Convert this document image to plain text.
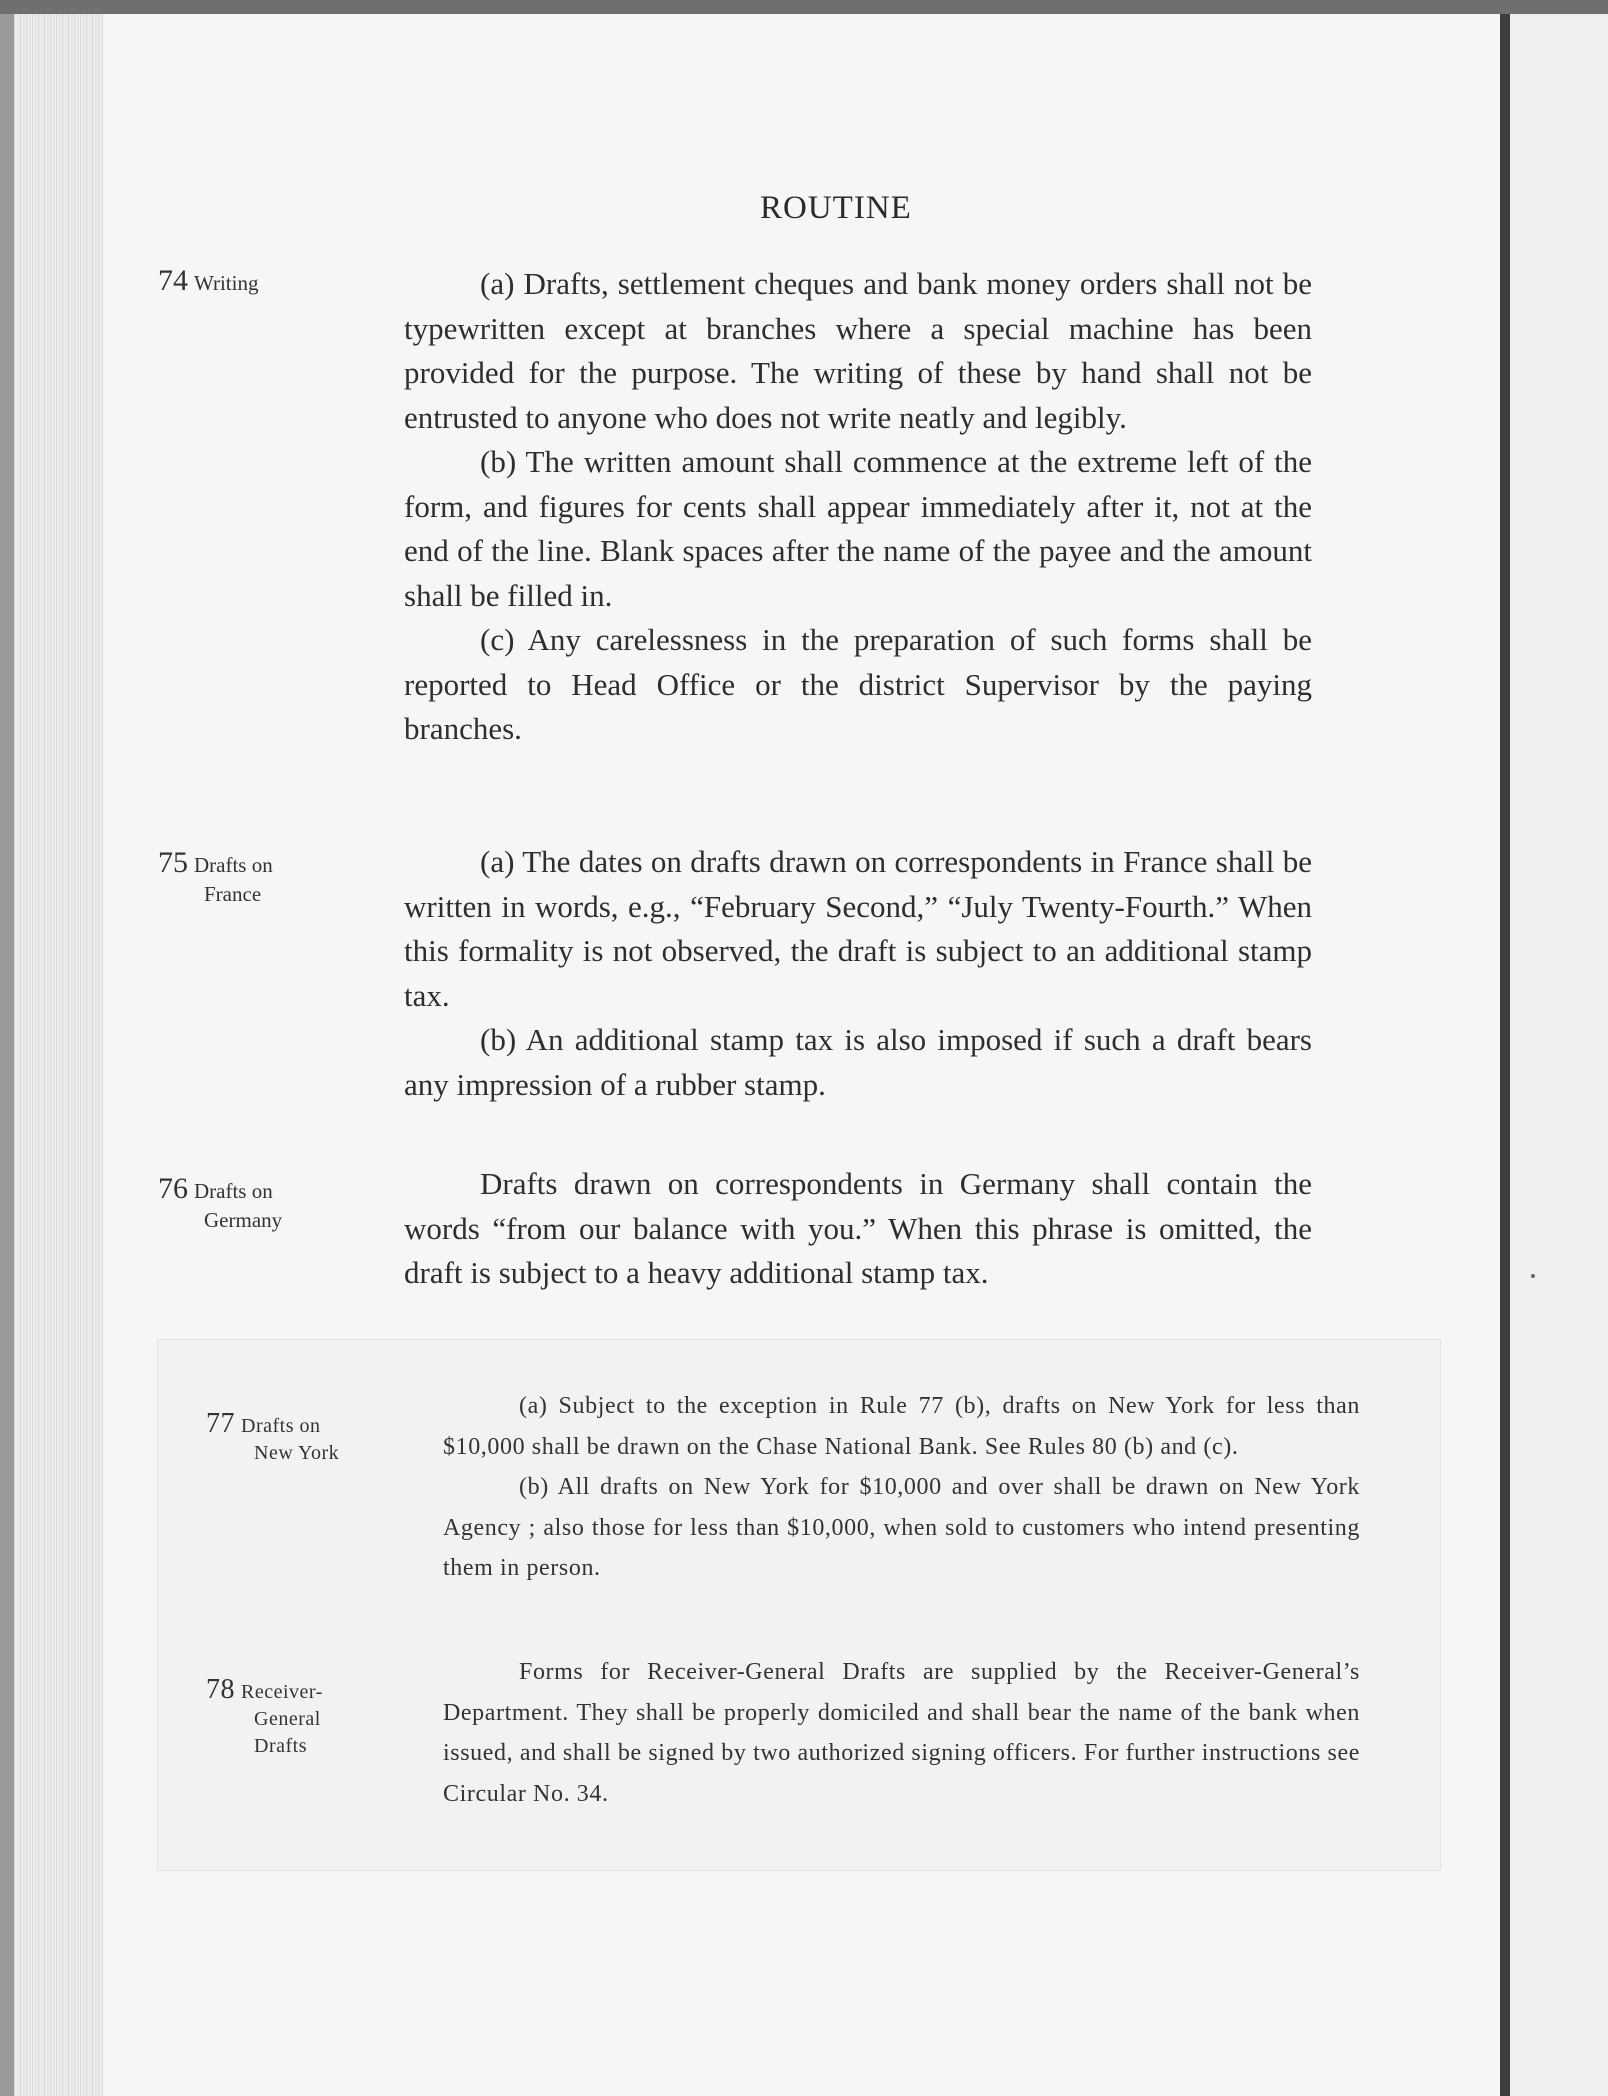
ROUTINE
74 Writing	(a) Drafts, settlement cheques and bank money orders shall not be typewritten except at branches where a special machine has been provided for the purpose. The writing of these by hand shall not be entrusted to anyone who does not write neatly and legibly.

(b) The written amount shall commence at the extreme left of the form, and figures for cents shall appear immediately after it, not at the end of the line. Blank spaces after the name of the payee and the amount shall be filled in.

(c) Any carelessness in the preparation of such forms shall be reported to Head Office or the district Supervisor by the paying branches.

75 Drafts on
France

(a) The dates on drafts drawn on correspondents in France shall be written in words, e.g., “February Second,” “July Twenty-Fourth.” When this formality is not observed, the draft is subject to an additional stamp tax.

(b) An additional stamp tax is also imposed if such a draft bears any impression of a rubber stamp.

76 Drafts on
Germany

Drafts drawn on correspondents in Germany shall contain the words “from our balance with you.” When this phrase is omitted, the draft is subject to a heavy additional stamp tax.

77 Drafts on
New York

(a) Subject to the exception in Rule 77 (b), drafts on New York for less than $10,000 shall be drawn on the Chase National Bank. See Rules 80 (b) and (c).

(b) All drafts on New York for $10,000 and over shall be drawn on New York Agency ; also those for less than $10,000, when sold to customers who intend presenting them in person.

78 Receiver-
General
Drafts

Forms for Receiver-General Drafts are supplied by the Receiver-General’s Department. They shall be properly domiciled and shall bear the name of the bank when issued, and shall be signed by two authorized signing officers. For further instructions see Circular No. 34.
